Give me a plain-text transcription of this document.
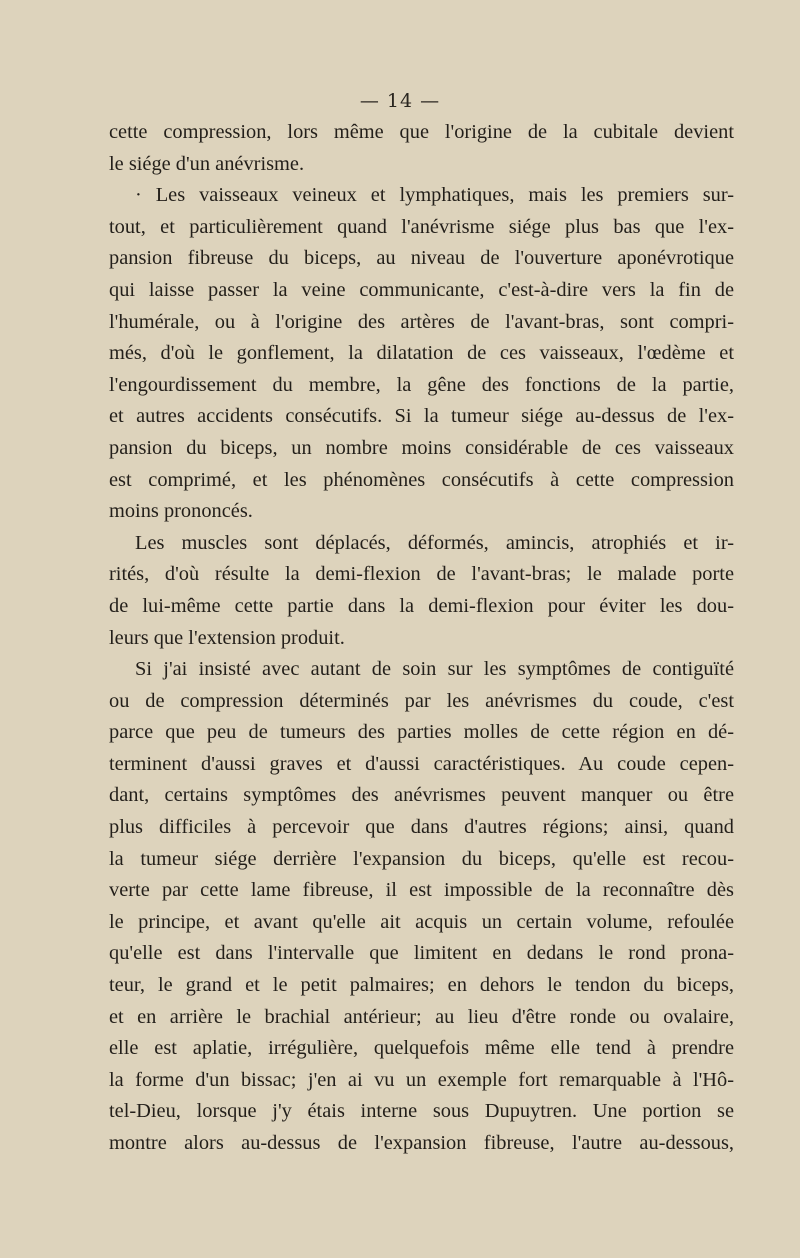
— 14 —
cette compression, lors même que l'origine de la cubitale devient
le siége d'un anévrisme.
· Les vaisseaux veineux et lymphatiques, mais les premiers sur-
tout, et particulièrement quand l'anévrisme siége plus bas que l'ex-
pansion fibreuse du biceps, au niveau de l'ouverture aponévrotique
qui laisse passer la veine communicante, c'est-à-dire vers la fin de
l'humérale, ou à l'origine des artères de l'avant-bras, sont compri-
més, d'où le gonflement, la dilatation de ces vaisseaux, l'œdème et
l'engourdissement du membre, la gêne des fonctions de la partie,
et autres accidents consécutifs. Si la tumeur siége au-dessus de l'ex-
pansion du biceps, un nombre moins considérable de ces vaisseaux
est comprimé, et les phénomènes consécutifs à cette compression
moins prononcés.
Les muscles sont déplacés, déformés, amincis, atrophiés et ir-
rités, d'où résulte la demi-flexion de l'avant-bras; le malade porte
de lui-même cette partie dans la demi-flexion pour éviter les dou-
leurs que l'extension produit.
Si j'ai insisté avec autant de soin sur les symptômes de contiguïté
ou de compression déterminés par les anévrismes du coude, c'est
parce que peu de tumeurs des parties molles de cette région en dé-
terminent d'aussi graves et d'aussi caractéristiques. Au coude cepen-
dant, certains symptômes des anévrismes peuvent manquer ou être
plus difficiles à percevoir que dans d'autres régions; ainsi, quand
la tumeur siége derrière l'expansion du biceps, qu'elle est recou-
verte par cette lame fibreuse, il est impossible de la reconnaître dès
le principe, et avant qu'elle ait acquis un certain volume, refoulée
qu'elle est dans l'intervalle que limitent en dedans le rond prona-
teur, le grand et le petit palmaires; en dehors le tendon du biceps,
et en arrière le brachial antérieur; au lieu d'être ronde ou ovalaire,
elle est aplatie, irrégulière, quelquefois même elle tend à prendre
la forme d'un bissac; j'en ai vu un exemple fort remarquable à l'Hô-
tel-Dieu, lorsque j'y étais interne sous Dupuytren. Une portion se
montre alors au-dessus de l'expansion fibreuse, l'autre au-dessous,
